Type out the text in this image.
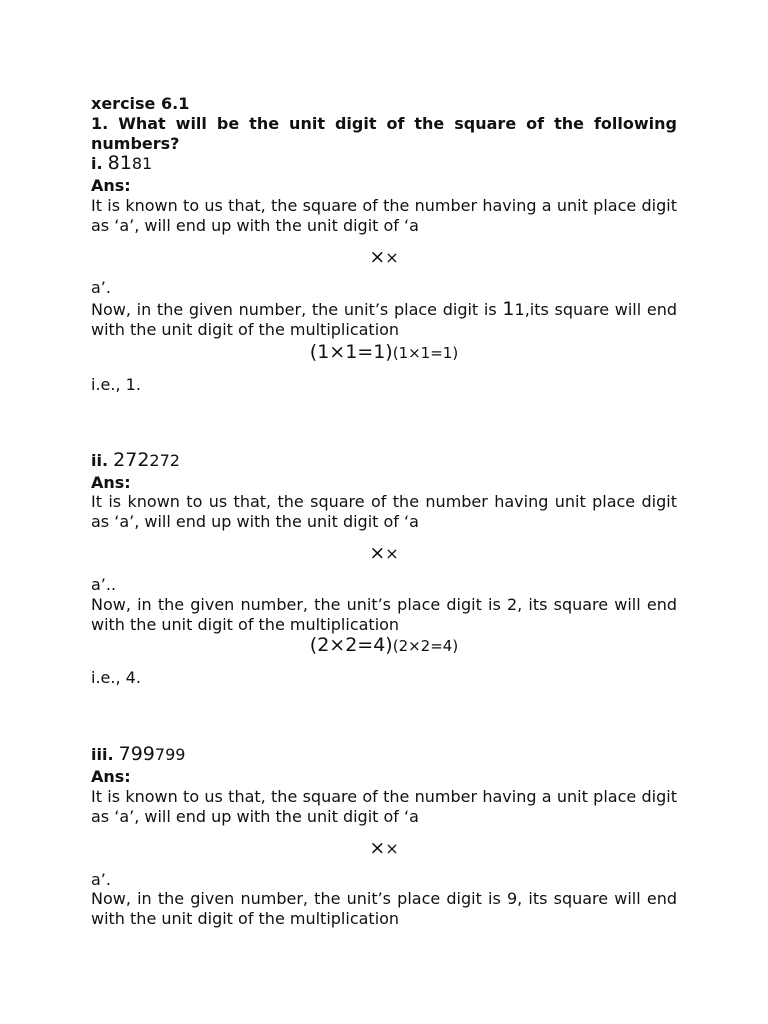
xercise 6.1
1. What will be the unit digit of the square of the following numbers?
i. 8181
Ans:
It is known to us that, the square of the number having a unit place digit as ‘a’, will end up with the unit digit of ‘a
××
a’.
Now, in the given number, the unit’s place digit is 11,its square will end with the unit digit of the multiplication
(1×1=1)(1×1=1)
i.e., 1.
ii. 272272
Ans:
It is known to us that, the square of the number having unit place digit as ‘a’, will end up with the unit digit of ‘a
××
a’..
Now, in the given number, the unit’s place digit is 2, its square will end with the unit digit of the multiplication
(2×2=4)(2×2=4)
i.e., 4.
iii. 799799
Ans:
It is known to us that, the square of the number having a unit place digit as ‘a’, will end up with the unit digit of ‘a
××
a’.
Now, in the given number, the unit’s place digit is 9, its square will end with the unit digit of the multiplication
